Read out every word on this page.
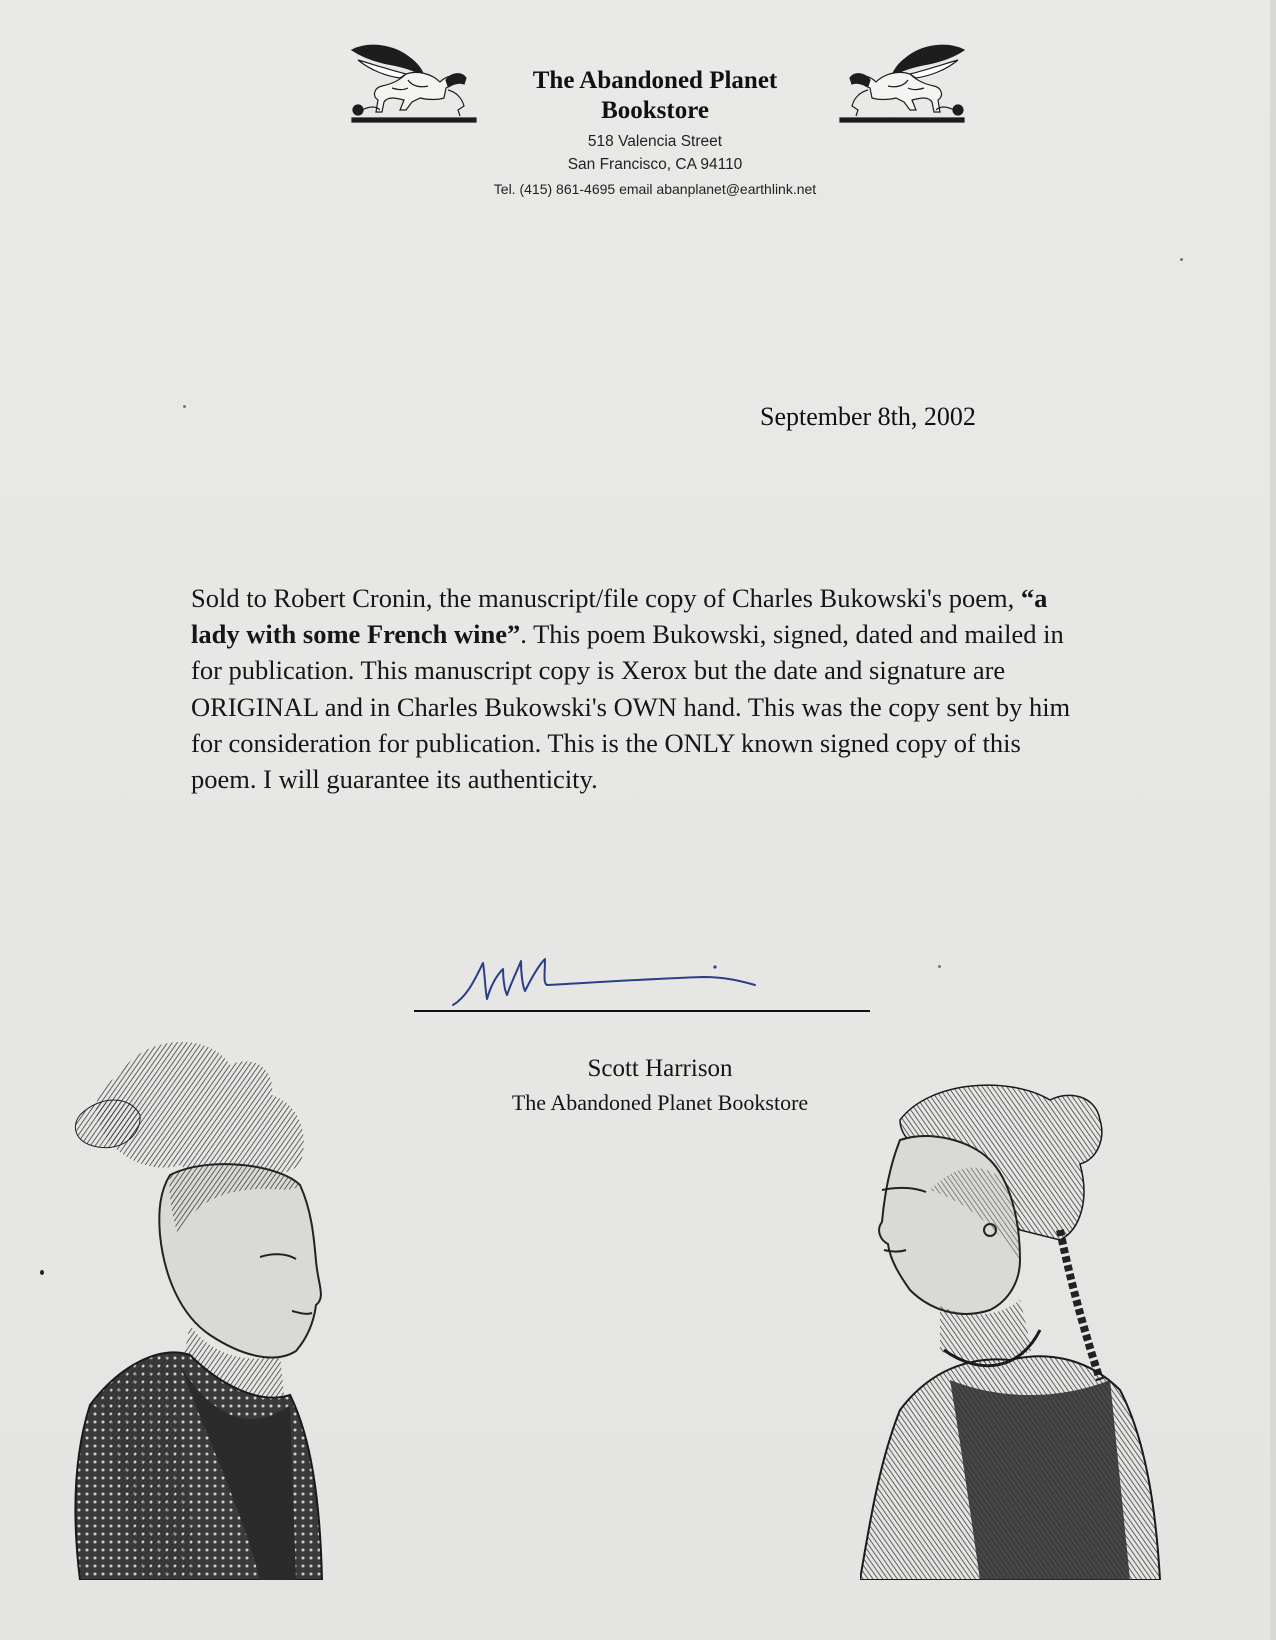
The Abandoned Planet
Bookstore
518 Valencia Street
San Francisco, CA 94110
Tel. (415) 861-4695 email abanplanet@earthlink.net
September 8th, 2002
Sold to Robert Cronin, the manuscript/file copy of Charles Bukowski's poem, “a lady with some French wine”. This poem Bukowski, signed, dated and mailed in for publication. This manuscript copy is Xerox but the date and signature are ORIGINAL and in Charles Bukowski's OWN hand. This was the copy sent by him for consideration for publication. This is the ONLY known signed copy of this poem. I will guarantee its authenticity.
Scott Harrison
The Abandoned Planet Bookstore
